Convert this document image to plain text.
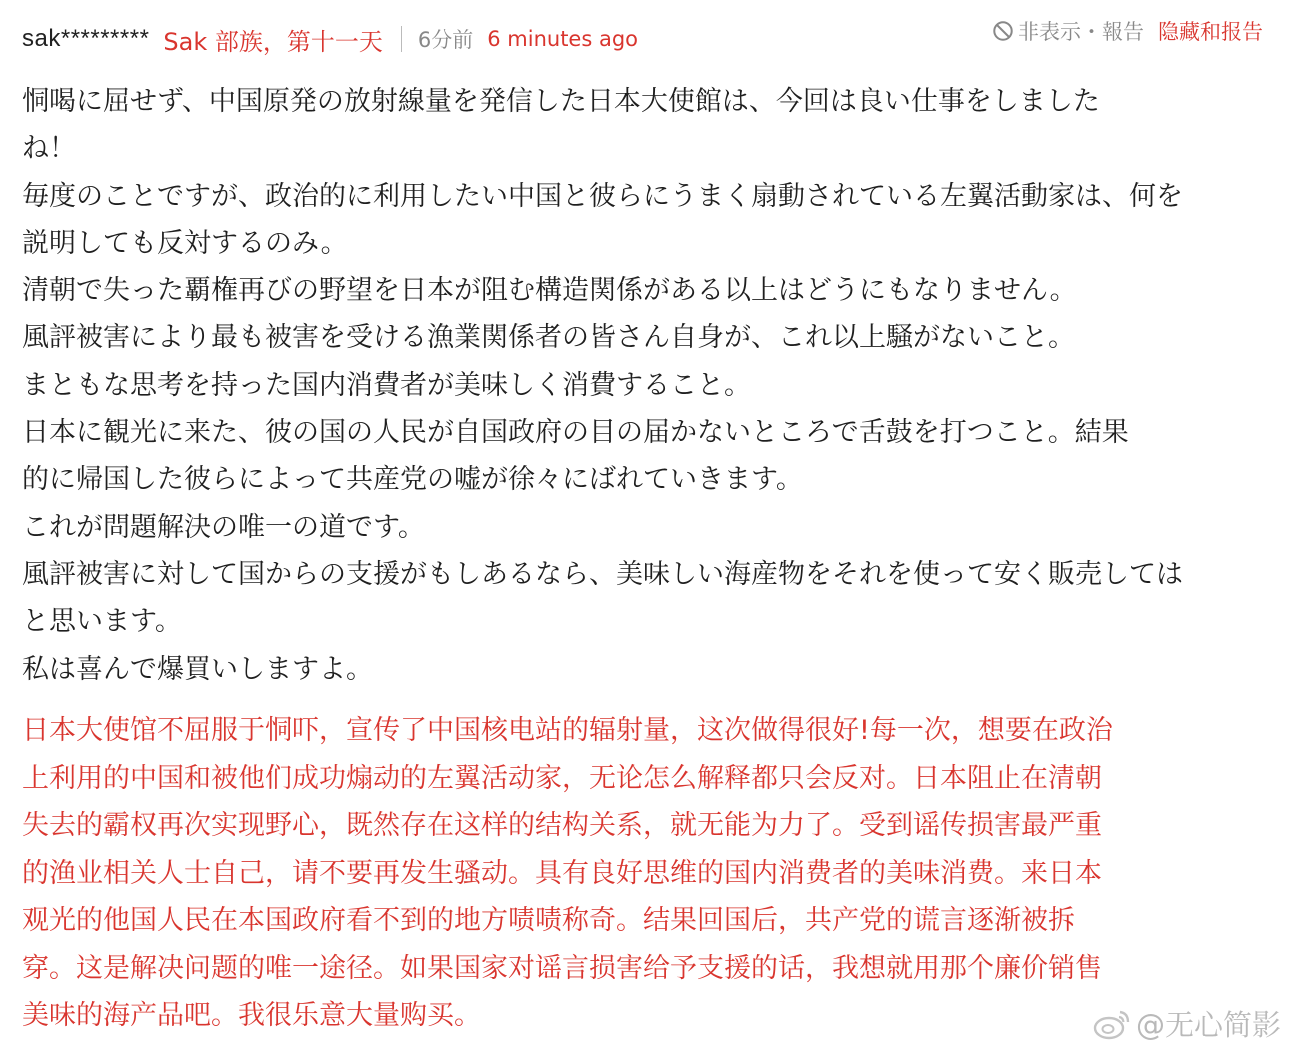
sak********* Sak 部族，第十一天 6分前 6 minutes ago	非表示・報告 隐藏和报告

恫喝に屈せず、中国原発の放射線量を発信した日本大使館は、今回は良い仕事をしました

ね！

毎度のことですが、政治的に利用したい中国と彼らにうまく扇動されている左翼活動家は、何を

説明しても反対するのみ。

清朝で失った覇権再びの野望を日本が阻む構造関係がある以上はどうにもなりません。

風評被害により最も被害を受ける漁業関係者の皆さん自身が、これ以上騒がないこと。

まともな思考を持った国内消費者が美味しく消費すること。

日本に観光に来た、彼の国の人民が自国政府の目の届かないところで舌鼓を打つこと。結果

的に帰国した彼らによって共産党の嘘が徐々にばれていきます。

これが問題解決の唯一の道です。

風評被害に対して国からの支援がもしあるなら、美味しい海産物をそれを使って安く販売しては

と思います。

私は喜んで爆買いしますよ。

日本大使馆不屈服于恫吓，宣传了中国核电站的辐射量，这次做得很好!每一次，想要在政治

上利用的中国和被他们成功煽动的左翼活动家，无论怎么解释都只会反对。日本阻止在清朝

失去的霸权再次实现野心，既然存在这样的结构关系，就无能为力了。受到谣传损害最严重

的渔业相关人士自己，请不要再发生骚动。具有良好思维的国内消费者的美味消费。来日本

观光的他国人民在本国政府看不到的地方啧啧称奇。结果回国后，共产党的谎言逐渐被拆

穿。这是解决问题的唯一途径。如果国家对谣言损害给予支援的话，我想就用那个廉价销售

美味的海产品吧。我很乐意大量购买。	@无心简影
